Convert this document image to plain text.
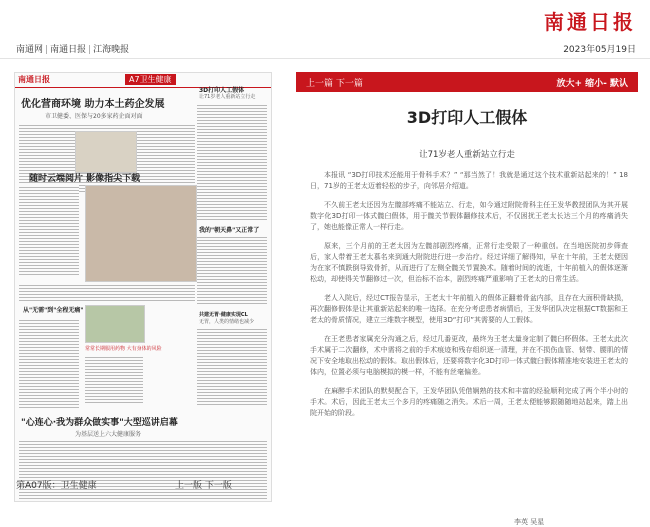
南通日报
南通网 | 南通日报 | 江海晚报	2023年05月19日
南通日报	A7卫生健康
优化营商环境 助力本土药企发展
市卫健委、医保与20多家药企面对面
随时云端阅片 影像指尖下载
从"无需"到"全程无痛"
常常长期服用药物 大有身体的风险
3D打印人工假体
让71岁老人重新站立行走
我的"朝天鼻"又正常了
共建无胃·健康实现CL
无胃，人类的情绪也减少
"心连心·我为群众做实事"大型巡讲启幕
为基层送上六大健康服务
第A07版：卫生健康	上一版 下一版
上一篇 下一篇	放大+ 缩小- 默认
3D打印人工假体
让71岁老人重新站立行走

本报讯 “3D打印技术还能用于骨科手术？” “那当然了！我就是通过这个技术重新站起来的！” 18日，71岁的王老太迈着轻松的步子，向邻居介绍道。

不久前王老太还因为左髋部疼痛不能站立、行走，如今通过附院骨科主任王发华教授团队为其开展数字化3D打印一体式髋臼假体，用于髋关节假体翻修技术后，不仅困扰王老太长达三个月的疼痛消失了，她也能像正常人一样行走。

原来，三个月前的王老太因为左髋部剧烈疼痛，正常行走受限了一种重创。在当地医院初步筛查后，家人带着王老太慕名来到通大附院进行进一步治疗。经过详细了解得知，早在十年前，王老太便因为在家不慎跌倒导致骨折，从而进行了左侧全髋关节置换术。随着时间的流逝，十年前植入的假体逐渐松动，却使得关节翻修过一次，但治标不治本，剧烈疼痛严重影响了王老太的日常生活。

老人入院后，经过CT报告显示，王老太十年前植入的假体正翻着骨盆内部，且存在大面积骨缺损，再次翻修假体是让其重新站起来的唯一选择。在充分考虑患者病情后，王发华团队决定根据CT数据和王老太的骨质情况，建立三维数字模型，使用3D“打印”其需要的人工假体。

在王老患者家属充分沟通之后，经过几番更改，最终为王老太量身定制了髋臼杯假体。王老太此次手术属于二次翻修，术中需将之前的手术痕迹和残存组织逐一清理，并在不损伤血管、韧带、腰肌的情况下安全地取出松动的假体。取出假体后，还要将数字化3D打印一体式髋臼假体精准地安装进王老太的体内，位置必须与电脑模拟的模一样，不能有丝毫偏差。

在麻醉手术团队的默契配合下，王发华团队凭借娴熟的技术和丰富的经验顺利完成了两个半小时的手术。术后，因此王老太三个多月的疼痛随之消失。术后一周，王老太便能够跟随随地站起来，踏上出院开始的阶段。

李英 吴星
